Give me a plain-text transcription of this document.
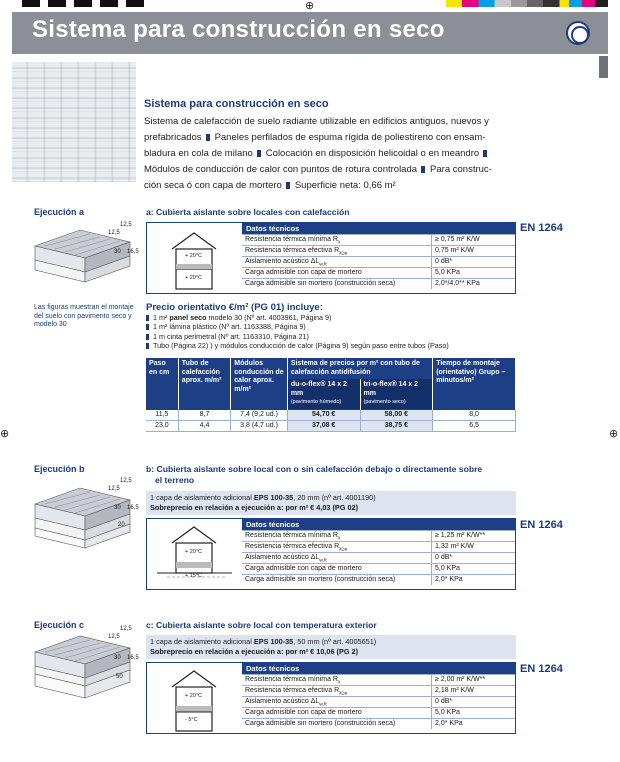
⊕
⊕	⊕
Sistema para construcción en seco
Sistema para construcción en seco
Sistema de calefacción de suelo radiante utilizable en edificios antiguos, nuevos y
prefabricados Paneles perfilados de espuma rígida de poliestireno con ensam-
bladura en cola de milano Colocación en disposición helicoidal o en meandro
Módulos de conducción de calor con puntos de rotura controlada Para construc-
ción seca ó con capa de mortero Superficie neta: 0,66 m²
Ejecución a	a: Cubierta aislante sobre locales con calefacción
EN 1264
12,5
12,5
30 16,5
+ 20°C
+ 20°C
Datos técnicos
Resistencia térmica mínima $R_\lambda$	≥ 0,75 m² K/W
Resistencia térmica efectiva $R_{\lambda Da}$	0,75 m² K/W
Aislamiento acústico $\Delta L_{w,R}$	0 dB*
Carga admisible con capa de mortero	5,0 KPa
Carga admisible sin mortero (construcción seca)	2,0*/4,0** KPa
Las figuras muestran el montaje del suelo con pavimento seco y modelo 30
Precio orientativo €/m² (PG 01) incluye:
1 m² panel seco modelo 30 (Nº art. 4003961, Página 9)
1 m² lámina plástico (Nº art. 1163388, Página 9)
1 m cinta perimetral (Nº art. 1163310, Página 21)
Tubo (Página 22) ) y módulos conducción de calor (Página 9) según paso entre tubos (Paso)
Paso en cm	Tubo de calefacción aprox. m/m²	Módulos conducción de calor aprox. m/m²	Sistema de precios por m² con tubo de calefacción antidifusión		Tiempo de montaje (orientativo) Grupo – minutos/m²
			du-o-flex® 14 x 2 mm
(pavimento húmedo)	tri-o-flex® 14 x 2 mm
(pavimento seco)	

11,5	8,7	7,4 (9,2 ud.)	54,70 €	58,00 €	8,0
23,0	4,4	3,8 (4,7 ud.)	37,08 €	38,75 €	6,5
Ejecución b	b: Cubierta aislante sobre local con o sin calefacción debajo o directamente sobre
el terreno
12,5
12,5
30 16,5
20
1 capa de aislamiento adicional EPS 100-35, 20 mm (nº art. 4001190)
Sobreprecio en relación a ejecución a: por m² € 4,03 (PG 02)
EN 1264
+ 20°C
+ 15°C
Datos técnicos
Resistencia térmica mínima $R_\lambda$	≥ 1,25 m² K/W**
Resistencia térmica efectiva $R_{\lambda Da}$	1,32 m² K/W
Aislamiento acústico $\Delta L_{w,R}$	0 dB*
Carga admisible con capa de mortero	5,0 KPa
Carga admisible sin mortero (construcción seca)	2,0* KPa
Ejecución c	c: Cubierta aislante sobre local con temperatura exterior
12,5
12,5
30 16,5
50
1 capa de aislamiento adicional EPS 100-35, 50 mm (nº art. 4005651)
Sobreprecio en relación a ejecución a: por m² € 10,06 (PG 2)
EN 1264
+ 20°C
- 5°C
Datos técnicos
Resistencia térmica mínima $R_\lambda$	≥ 2,00 m² K/W**
Resistencia térmica efectiva $R_{\lambda Da}$	2,18 m² K/W
Aislamiento acústico $\Delta L_{w,R}$	0 dB*
Carga admisible con capa de mortero	5,0 KPa
Carga admisible sin mortero (construcción seca)	2,0* KPa
